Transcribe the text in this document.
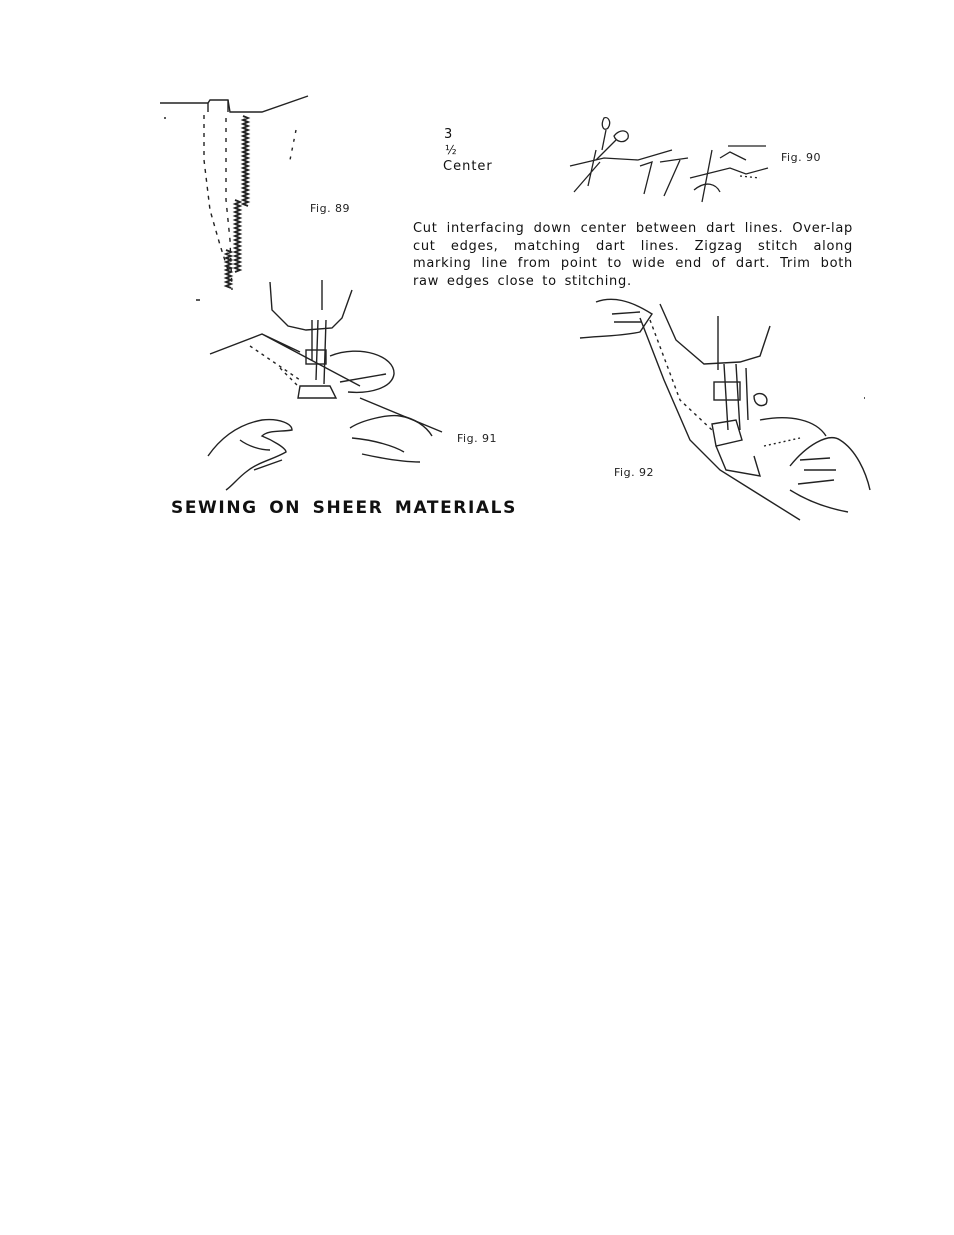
Fig. 89
3
½
Center
Fig. 90
Fig. 91
Fig. 92
Cut interfacing down center between dart lines. Over-lap cut edges, matching dart lines. Zigzag stitch along marking line from point to wide end of dart. Trim both raw edges close to stitching.
SEWING ON SHEER MATERIALS
